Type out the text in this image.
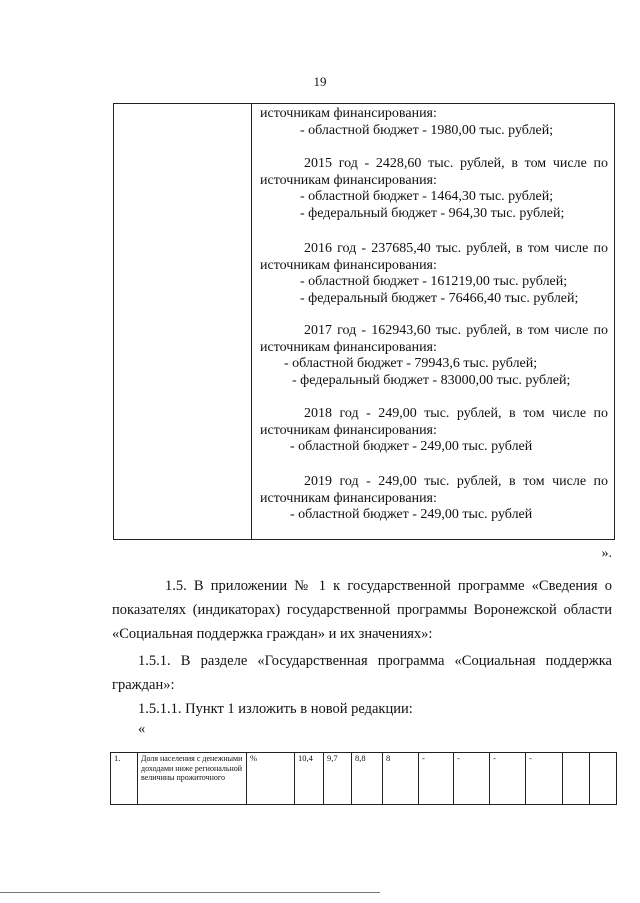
19
источникам финансирования:
- областной бюджет - 1980,00 тыс. рублей;
2015 год - 2428,60 тыс. рублей, в том числе по
источникам финансирования:
- областной бюджет - 1464,30 тыс. рублей;
- федеральный бюджет - 964,30 тыс. рублей;
2016 год - 237685,40 тыс. рублей, в том числе по
источникам финансирования:
- областной бюджет - 161219,00 тыс. рублей;
- федеральный бюджет - 76466,40 тыс. рублей;
2017 год - 162943,60 тыс. рублей, в том числе по
источникам финансирования:
- областной бюджет - 79943,6 тыс. рублей;
- федеральный бюджет - 83000,00 тыс. рублей;
2018 год - 249,00 тыс. рублей, в том числе по
источникам финансирования:
- областной бюджет - 249,00 тыс. рублей
2019 год - 249,00 тыс. рублей, в том числе по
источникам финансирования:
- областной бюджет - 249,00 тыс. рублей
».
1.5. В приложении № 1 к государственной программе «Сведения о
показателях (индикаторах) государственной программы Воронежской области
«Социальная поддержка граждан» и их значениях»:
1.5.1. В разделе «Государственная программа «Социальная поддержка
граждан»:
1.5.1.1. Пункт 1 изложить в новой редакции:
«
1.	Доля населения с денежными доходами ниже региональной величины прожиточного	%	10,4	9,7	8,8	8	-	-	-	-		
